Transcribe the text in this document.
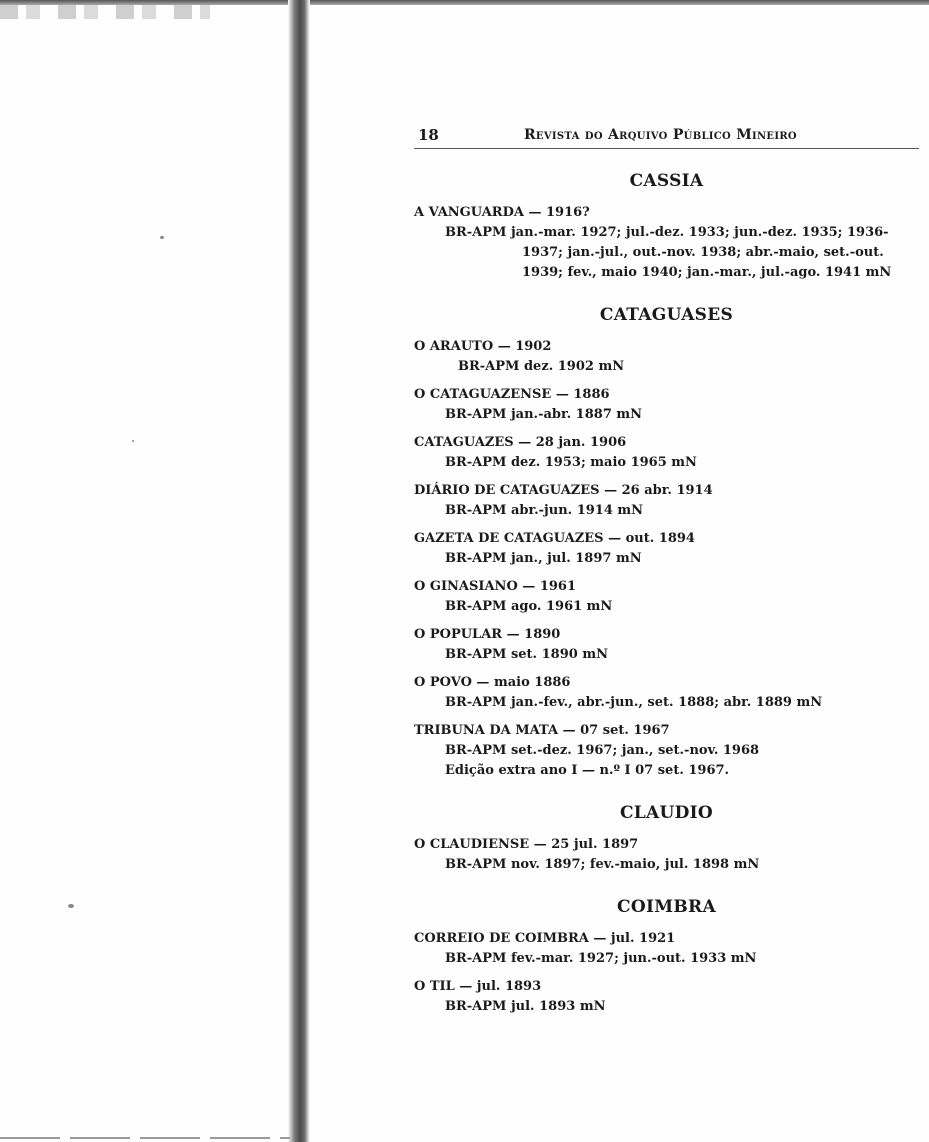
18	Revista do Arquivo Público Mineiro
CASSIA
A VANGUARDA — 1916?
BR-APM jan.-mar. 1927; jul.-dez. 1933; jun.-dez. 1935; 1936-1937; jan.-jul., out.-nov. 1938; abr.-maio, set.-out. 1939; fev., maio 1940; jan.-mar., jul.-ago. 1941 mN
CATAGUASES
O ARAUTO — 1902
BR-APM dez. 1902 mN
O CATAGUAZENSE — 1886
BR-APM jan.-abr. 1887 mN
CATAGUAZES — 28 jan. 1906
BR-APM dez. 1953; maio 1965 mN
DIÁRIO DE CATAGUAZES — 26 abr. 1914
BR-APM abr.-jun. 1914 mN
GAZETA DE CATAGUAZES — out. 1894
BR-APM jan., jul. 1897 mN
O GINASIANO — 1961
BR-APM ago. 1961 mN
O POPULAR — 1890
BR-APM set. 1890 mN
O POVO — maio 1886
BR-APM jan.-fev., abr.-jun., set. 1888; abr. 1889 mN
TRIBUNA DA MATA — 07 set. 1967
BR-APM set.-dez. 1967; jan., set.-nov. 1968
Edição extra ano I — n.º I 07 set. 1967.
CLAUDIO
O CLAUDIENSE — 25 jul. 1897
BR-APM nov. 1897; fev.-maio, jul. 1898 mN
COIMBRA
CORREIO DE COIMBRA — jul. 1921
BR-APM fev.-mar. 1927; jun.-out. 1933 mN
O TIL — jul. 1893
BR-APM jul. 1893 mN
